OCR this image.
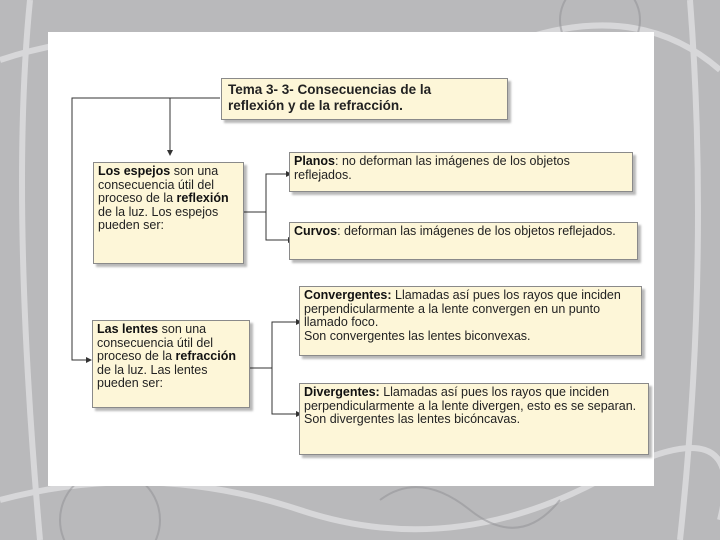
Tema 3- 3- Consecuencias de la
reflexión y de la refracción.
Los espejos son una consecuencia útil del proceso de la reflexión de la luz. Los espejos pueden ser:
Planos: no deforman las imágenes de los objetos reflejados.
Curvos: deforman las imágenes de los objetos reflejados.
Las lentes son una consecuencia útil del proceso de la refracción de la luz. Las lentes pueden ser:
Convergentes: Llamadas así pues los rayos que inciden perpendicularmente a la lente convergen en un punto llamado foco.
Son convergentes las lentes biconvexas.
Divergentes: Llamadas así pues los rayos que inciden perpendicularmente a la lente divergen, esto es se separan.
Son divergentes las lentes bicóncavas.
